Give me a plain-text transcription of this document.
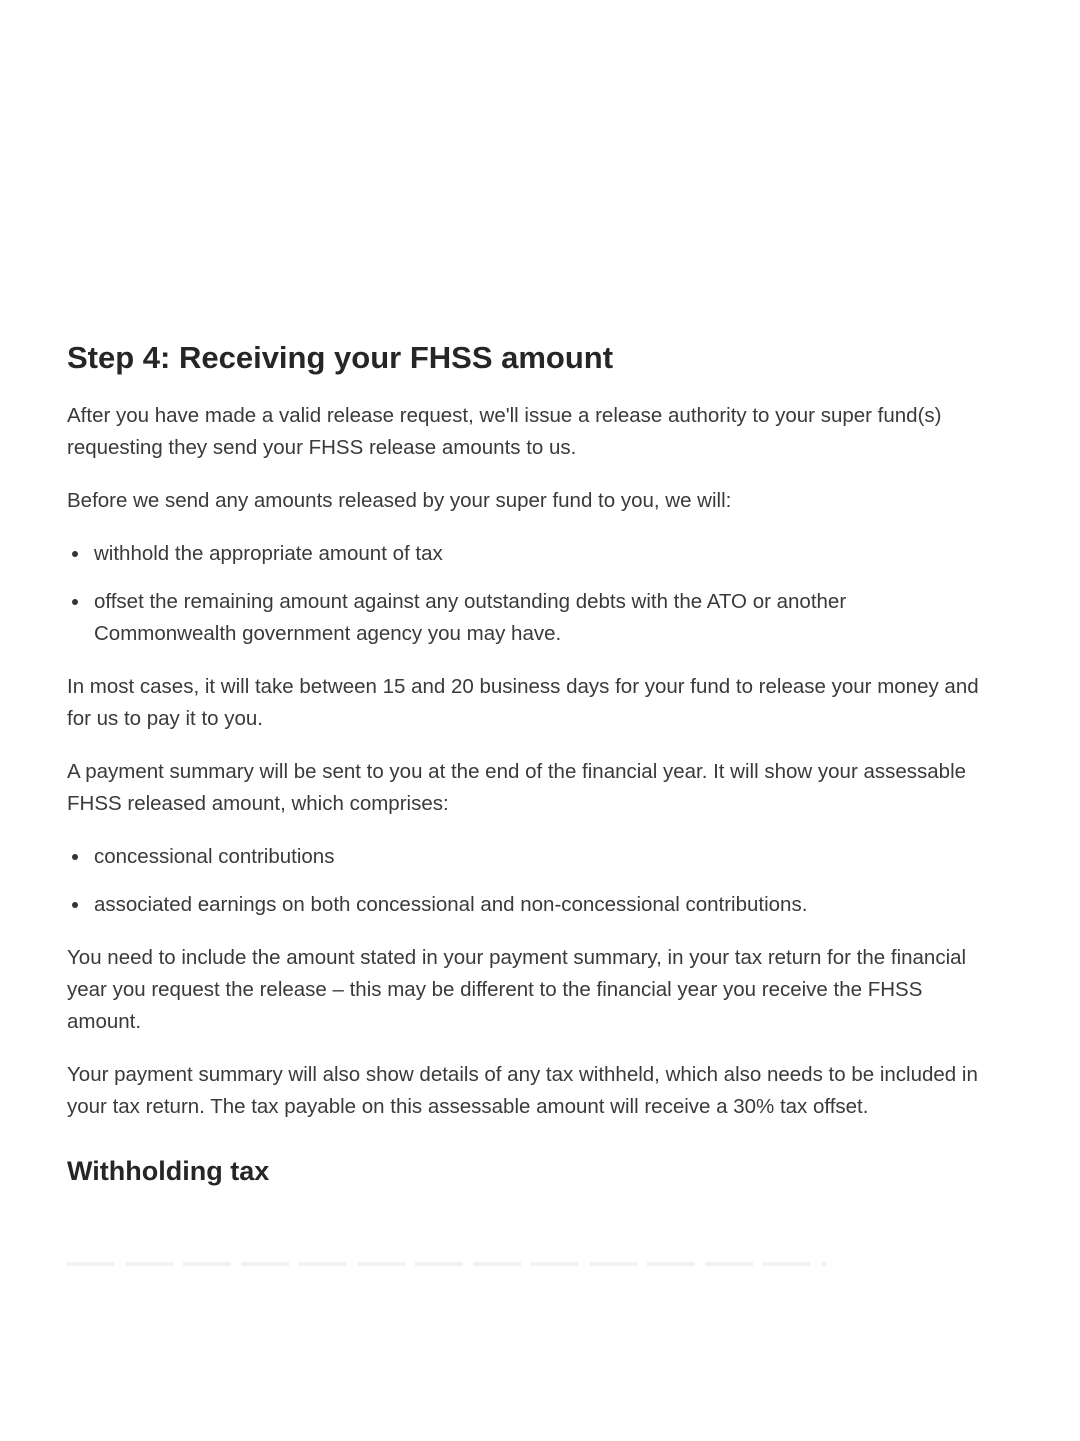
Step 4: Receiving your FHSS amount

After you have made a valid release request, we'll issue a release authority to your super fund(s) requesting they send your FHSS release amounts to us.

Before we send any amounts released by your super fund to you, we will:

withhold the appropriate amount of tax
offset the remaining amount against any outstanding debts with the ATO or another Commonwealth government agency you may have.

In most cases, it will take between 15 and 20 business days for your fund to release your money and for us to pay it to you.

A payment summary will be sent to you at the end of the financial year. It will show your assessable FHSS released amount, which comprises:

concessional contributions
associated earnings on both concessional and non-concessional contributions.

You need to include the amount stated in your payment summary, in your tax return for the financial year you request the release – this may be different to the financial year you receive the FHSS amount.

Your payment summary will also show details of any tax withheld, which also needs to be included in your tax return. The tax payable on this assessable amount will receive a 30% tax offset.

Withholding tax
